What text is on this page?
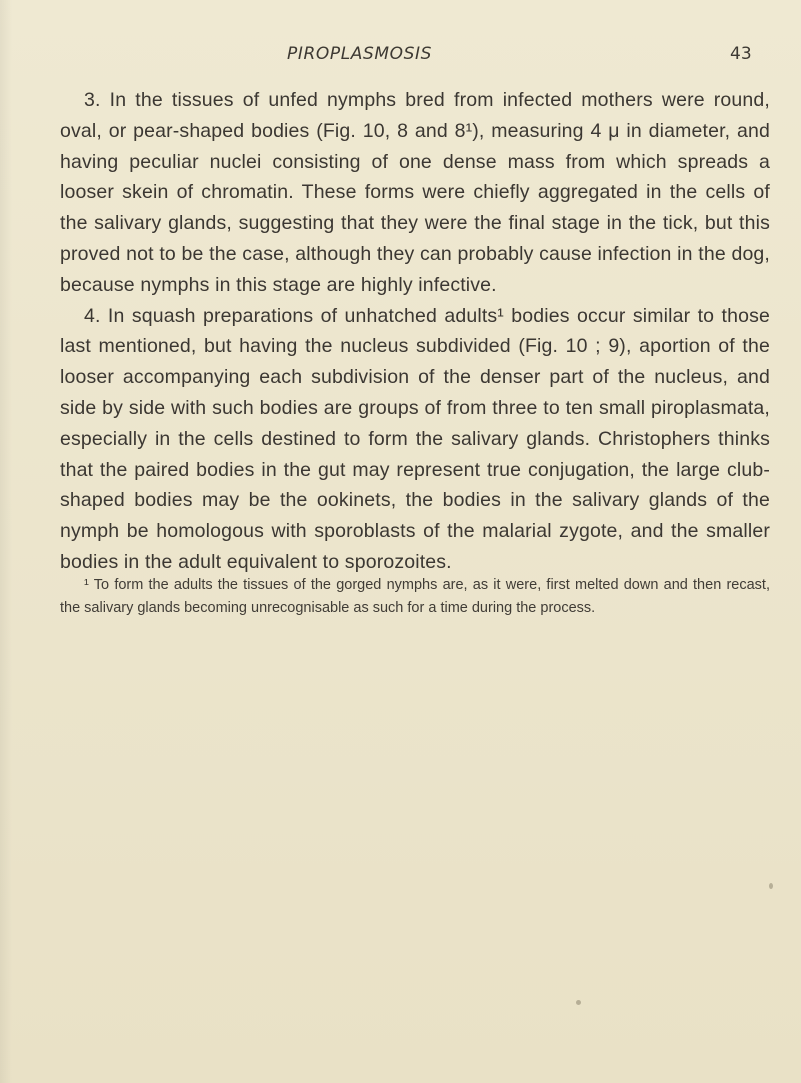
PIROPLASMOSIS	43

3. In the tissues of unfed nymphs bred from infected mothers were round, oval, or pear-shaped bodies (Fig. 10, 8 and 8¹), measuring 4 μ in diameter, and having peculiar nuclei consisting of one dense mass from which spreads a looser skein of chromatin. These forms were chiefly aggregated in the cells of the salivary glands, suggesting that they were the final stage in the tick, but this proved not to be the case, although they can probably cause infection in the dog, because nymphs in this stage are highly infective.

4. In squash preparations of unhatched adults¹ bodies occur similar to those last mentioned, but having the nucleus subdivided (Fig. 10 ; 9), aportion of the looser accompanying each subdivision of the denser part of the nucleus, and side by side with such bodies are groups of from three to ten small piroplasmata, especially in the cells destined to form the salivary glands. Christophers thinks that the paired bodies in the gut may represent true conjugation, the large club-shaped bodies may be the ookinets, the bodies in the salivary glands of the nymph be homologous with sporoblasts of the malarial zygote, and the smaller bodies in the adult equivalent to sporozoites.

¹ To form the adults the tissues of the gorged nymphs are, as it were, first melted down and then recast, the salivary glands becoming unrecognisable as such for a time during the process.
